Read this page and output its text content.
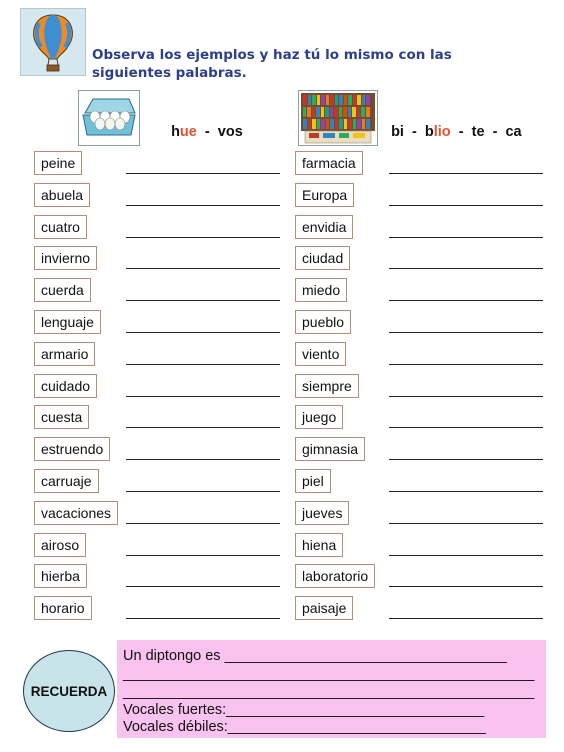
Observa los ejemplos y haz tú lo mismo con las
siguientes palabras.

hue  -  vos	bi  -  blio  -  te  -  ca

peine
abuela
cuatro
invierno
cuerda
lenguaje
armario
cuidado
cuesta
estruendo
carruaje
vacaciones
airoso
hierba
horario
farmacia
Europa
envidia
ciudad
miedo
pueblo
viento
siempre
juego
gimnasia
piel
jueves
hiena
laboratorio
paisaje
RECUERDA
Un diptongo es ___________________________________
___________________________________________________
___________________________________________________
Vocales fuertes:________________________________
Vocales débiles:________________________________
